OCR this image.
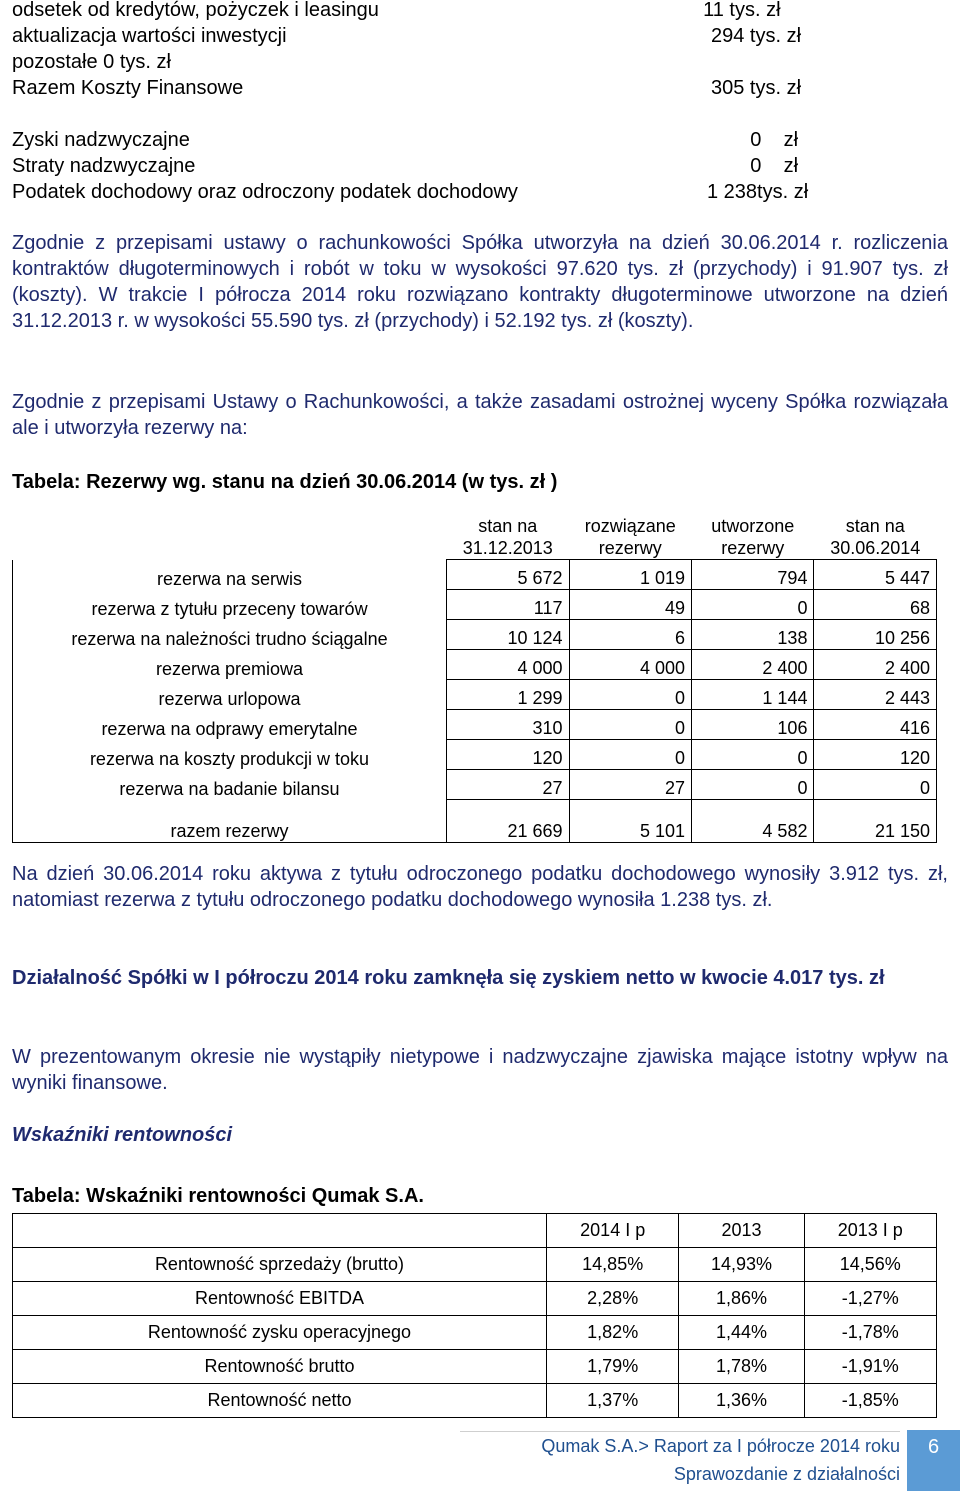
odsetek od kredytów, pożyczek i leasingu	11 tys. zł
aktualizacja wartości inwestycji	294 tys. zł
pozostałe 0 tys. zł
Razem Koszty Finansowe	305 tys. zł
Zyski nadzwyczajne	0    zł
Straty nadzwyczajne	0    zł
Podatek dochodowy oraz odroczony podatek dochodowy	1 238tys. zł
Zgodnie z przepisami ustawy o rachunkowości Spółka utworzyła na dzień 30.06.2014 r. rozliczenia kontraktów długoterminowych i robót w toku w wysokości 97.620 tys. zł (przychody) i 91.907 tys. zł (koszty). W trakcie I półrocza 2014 roku rozwiązano kontrakty długoterminowe utworzone na dzień 31.12.2013 r. w wysokości 55.590 tys. zł (przychody) i 52.192 tys. zł (koszty).
Zgodnie z przepisami Ustawy o Rachunkowości, a także zasadami ostrożnej wyceny Spółka rozwiązała ale i utworzyła rezerwy na:
Tabela: Rezerwy wg. stanu na dzień 30.06.2014 (w tys. zł )
	stan na 31.12.2013	rozwiązane rezerwy	utworzone rezerwy	stan na 30.06.2014
rezerwa na serwis	5 672	1 019	794	5 447
rezerwa z tytułu przeceny towarów	117	49	0	68
rezerwa na należności trudno ściągalne	10 124	6	138	10 256
rezerwa premiowa	4 000	4 000	2 400	2 400
rezerwa urlopowa	1 299	0	1 144	2 443
rezerwa na odprawy emerytalne	310	0	106	416
rezerwa na koszty produkcji w toku	120	0	0	120
rezerwa na badanie bilansu	27	27	0	0
razem rezerwy	21 669	5 101	4 582	21 150
Na dzień 30.06.2014 roku aktywa z tytułu odroczonego podatku dochodowego wynosiły 3.912 tys. zł, natomiast rezerwa z tytułu odroczonego podatku dochodowego wynosiła 1.238 tys. zł.
Działalność Spółki w I półroczu 2014 roku zamknęła się zyskiem netto w kwocie 4.017 tys. zł
W prezentowanym okresie nie wystąpiły nietypowe i nadzwyczajne zjawiska mające istotny wpływ na wyniki finansowe.
Wskaźniki rentowności
Tabela: Wskaźniki rentowności Qumak S.A.
	2014 I p	2013	2013 I p
Rentowność sprzedaży (brutto)	14,85%	14,93%	14,56%
Rentowność EBITDA	2,28%	1,86%	-1,27%
Rentowność zysku operacyjnego	1,82%	1,44%	-1,78%
Rentowność brutto	1,79%	1,78%	-1,91%
Rentowność netto	1,37%	1,36%	-1,85%
Qumak S.A.> Raport za I półrocze 2014 roku
Sprawozdanie z działalności
6
